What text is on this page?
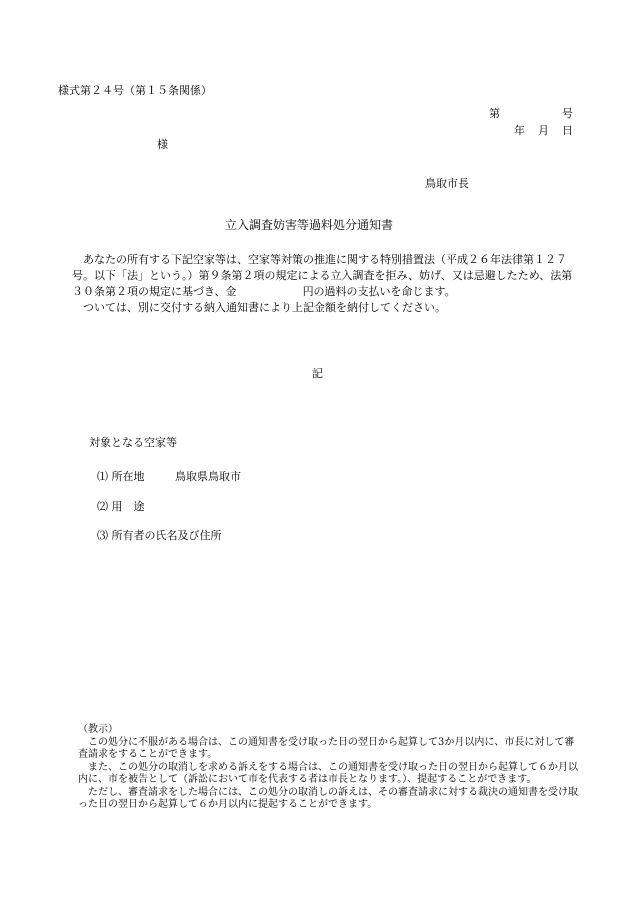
様式第２４号（第１５条関係）
第	号
年 月 日
様
鳥取市長
立入調査妨害等過料処分通知書

あなたの所有する下記空家等は、空家等対策の推進に関する特別措置法（平成２６年法律第１２７号。以下「法」という。）第９条第２項の規定による立入調査を拒み、妨げ、又は忌避したため、法第３０条第２項の規定に基づき、金	円の過料の支払いを命じます。

ついては、別に交付する納入通知書により上記金額を納付してください。

記
対象となる空家等
⑴ 所在地	鳥取県鳥取市
⑵ 用　途
⑶ 所有者の氏名及び住所

（教示）

この処分に不服がある場合は、この通知書を受け取った日の翌日から起算して3か月以内に、市長に対して審査請求をすることができます。

また、この処分の取消しを求める訴えをする場合は、この通知書を受け取った日の翌日から起算して６か月以内に、市を被告として（訴訟において市を代表する者は市長となります。）、提起することができます。

ただし、審査請求をした場合には、この処分の取消しの訴えは、その審査請求に対する裁決の通知書を受け取った日の翌日から起算して６か月以内に提起することができます。
